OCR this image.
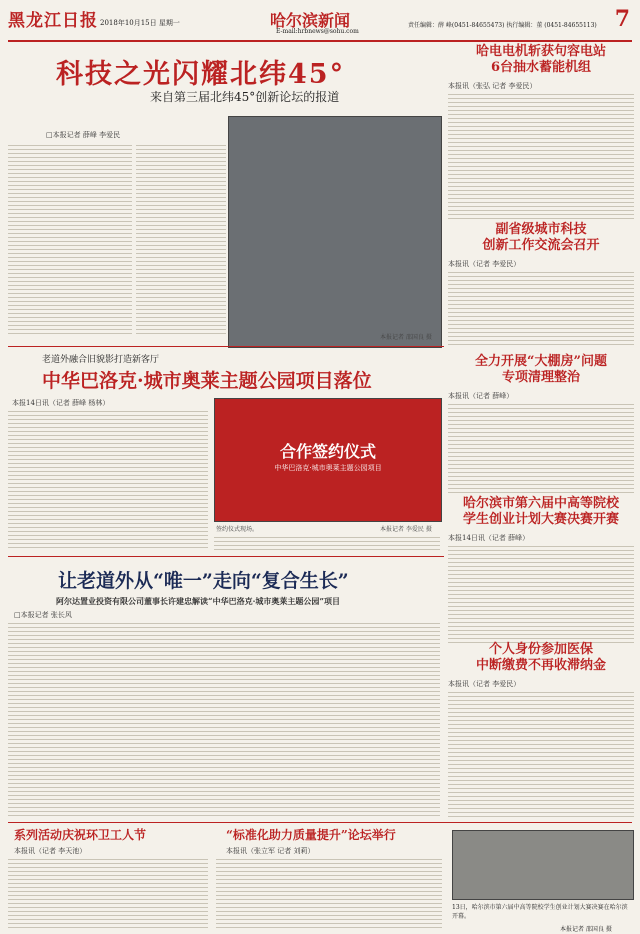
黑龙江日报 2018年10月15日 星期一	哈尔滨新闻
E-mail:hrbnews@sohu.com
责任编辑：薛 峰(0451-84655473) 执行编辑：董 (0451-84655113) 7
科技之光闪耀北纬45°
来自第三届北纬45°创新论坛的报道
□本报记者 薛峰 李爱民
本报记者 邵国良 摄
老道外融合旧貌影打造新客厅
中华巴洛克·城市奥莱主题公园项目落位
本报14日讯（记者 薛峰 杨林）
合作签约仪式
中华巴洛克·城市奥莱主题公园项目
签约仪式现场。	本报记者 李爱民 摄
让老道外从“唯一”走向“复合生长”
阿尔达置业投资有限公司董事长许建忠解读“中华巴洛克·城市奥莱主题公园”项目
□本报记者 张长风
哈电电机斩获句容电站
6台抽水蓄能机组
本报讯（张弘 记者 李爱民）
副省级城市科技
创新工作交流会召开
本报讯（记者 李爱民）
全力开展“大棚房”问题
专项清理整治
本报讯（记者 薛峰）
哈尔滨市第六届中高等院校
学生创业计划大赛决赛开赛
本报14日讯（记者 薛峰）
个人身份参加医保
中断缴费不再收滞纳金
本报讯（记者 李爱民）
系列活动庆祝环卫工人节
本报讯（记者 李天池）
“标准化助力质量提升”论坛举行
本报讯（张立军 记者 刘莉）
13日，哈尔滨市第六届中高等院校学生创业计划大赛决赛在哈尔滨开幕。
本报记者 邵国良 摄
